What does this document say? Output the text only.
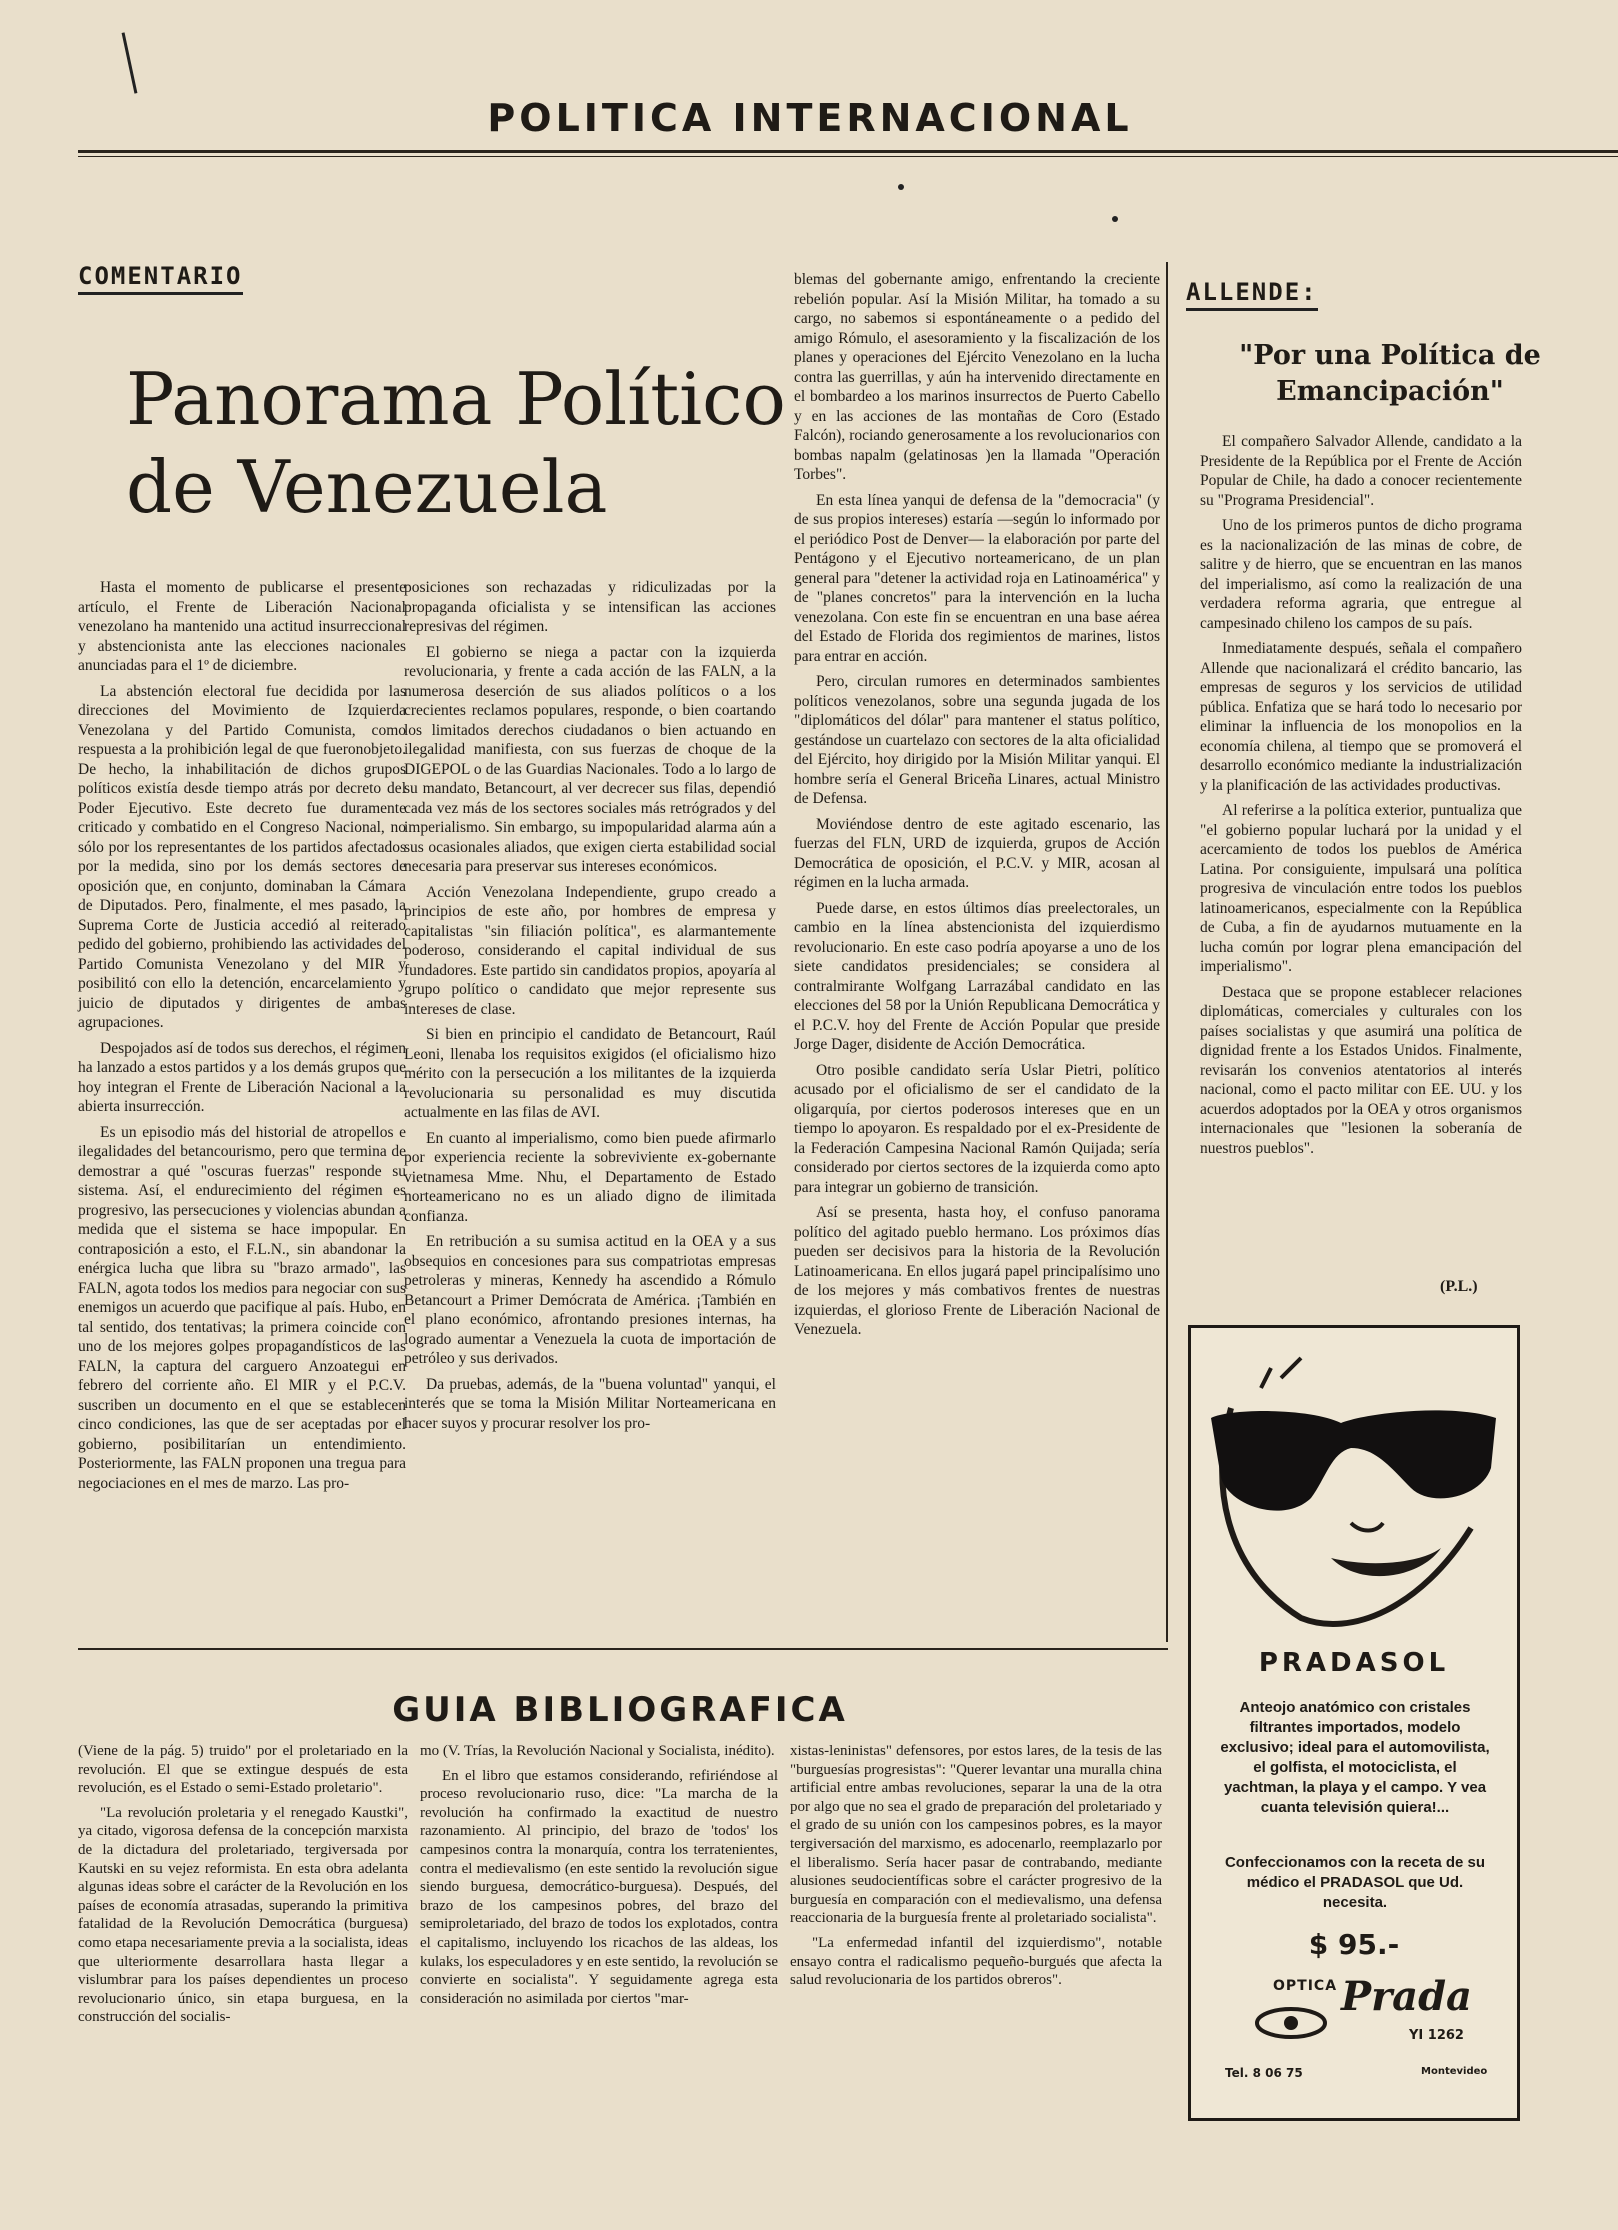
POLITICA INTERNACIONAL
COMENTARIO
Panorama Político
de Venezuela

Hasta el momento de publicarse el presente artículo, el Frente de Liberación Nacional venezolano ha mantenido una actitud insurreccional y abstencionista ante las elecciones nacionales anunciadas para el 1º de diciembre.

La abstención electoral fue decidida por las direcciones del Movimiento de Izquierda Venezolana y del Partido Comunista, como respuesta a la prohibición legal de que fueronobjeto. De hecho, la inhabilitación de dichos grupos políticos existía desde tiempo atrás por decreto del Poder Ejecutivo. Este decreto fue duramente criticado y combatido en el Congreso Nacional, no sólo por los representantes de los partidos afectados por la medida, sino por los demás sectores de oposición que, en conjunto, dominaban la Cámara de Diputados. Pero, finalmente, el mes pasado, la Suprema Corte de Justicia accedió al reiterado pedido del gobierno, prohibiendo las actividades del Partido Comunista Venezolano y del MIR y posibilitó con ello la detención, encarcelamiento y juicio de diputados y dirigentes de ambas agrupaciones.

Despojados así de todos sus derechos, el régimen ha lanzado a estos partidos y a los demás grupos que hoy integran el Frente de Liberación Nacional a la abierta insurrección.

Es un episodio más del historial de atropellos e ilegalidades del betancourismo, pero que termina de demostrar a qué "oscuras fuerzas" responde su sistema. Así, el endurecimiento del régimen es progresivo, las persecuciones y violencias abundan a medida que el sistema se hace impopular. En contraposición a esto, el F.L.N., sin abandonar la enérgica lucha que libra su "brazo armado", las FALN, agota todos los medios para negociar con sus enemigos un acuerdo que pacifique al país. Hubo, en tal sentido, dos tentativas; la primera coincide con uno de los mejores golpes propagandísticos de las FALN, la captura del carguero Anzoategui en febrero del corriente año. El MIR y el P.C.V. suscriben un documento en el que se establecen cinco condiciones, las que de ser aceptadas por el gobierno, posibilitarían un entendimiento. Posteriormente, las FALN proponen una tregua para negociaciones en el mes de marzo. Las pro-

posiciones son rechazadas y ridiculizadas por la propaganda oficialista y se intensifican las acciones represivas del régimen.

El gobierno se niega a pactar con la izquierda revolucionaria, y frente a cada acción de las FALN, a la numerosa deserción de sus aliados políticos o a los crecientes reclamos populares, responde, o bien coartando los limitados derechos ciudadanos o bien actuando en ilegalidad manifiesta, con sus fuerzas de choque de la DIGEPOL o de las Guardias Nacionales. Todo a lo largo de su mandato, Betancourt, al ver decrecer sus filas, dependió cada vez más de los sectores sociales más retrógrados y del imperialismo. Sin embargo, su impopularidad alarma aún a sus ocasionales aliados, que exigen cierta estabilidad social necesaria para preservar sus intereses económicos.

Acción Venezolana Independiente, grupo creado a principios de este año, por hombres de empresa y capitalistas "sin filiación política", es alarmantemente poderoso, considerando el capital individual de sus fundadores. Este partido sin candidatos propios, apoyaría al grupo político o candidato que mejor represente sus intereses de clase.

Si bien en principio el candidato de Betancourt, Raúl Leoni, llenaba los requisitos exigidos (el oficialismo hizo mérito con la persecución a los militantes de la izquierda revolucionaria su personalidad es muy discutida actualmente en las filas de AVI.

En cuanto al imperialismo, como bien puede afirmarlo por experiencia reciente la sobreviviente ex-gobernante vietnamesa Mme. Nhu, el Departamento de Estado norteamericano no es un aliado digno de ilimitada confianza.

En retribución a su sumisa actitud en la OEA y a sus obsequios en concesiones para sus compatriotas empresas petroleras y mineras, Kennedy ha ascendido a Rómulo Betancourt a Primer Demócrata de América. ¡También en el plano económico, afrontando presiones internas, ha logrado aumentar a Venezuela la cuota de importación de petróleo y sus derivados.

Da pruebas, además, de la "buena voluntad" yanqui, el interés que se toma la Misión Militar Norteamericana en hacer suyos y procurar resolver los pro-

blemas del gobernante amigo, enfrentando la creciente rebelión popular. Así la Misión Militar, ha tomado a su cargo, no sabemos si espontáneamente o a pedido del amigo Rómulo, el asesoramiento y la fiscalización de los planes y operaciones del Ejército Venezolano en la lucha contra las guerrillas, y aún ha intervenido directamente en el bombardeo a los marinos insurrectos de Puerto Cabello y en las acciones de las montañas de Coro (Estado Falcón), rociando generosamente a los revolucionarios con bombas napalm (gelatinosas )en la llamada "Operación Torbes".

En esta línea yanqui de defensa de la "democracia" (y de sus propios intereses) estaría —según lo informado por el periódico Post de Denver— la elaboración por parte del Pentágono y el Ejecutivo norteamericano, de un plan general para "detener la actividad roja en Latinoamérica" y de "planes concretos" para la intervención en la lucha venezolana. Con este fin se encuentran en una base aérea del Estado de Florida dos regimientos de marines, listos para entrar en acción.

Pero, circulan rumores en determinados sambientes políticos venezolanos, sobre una segunda jugada de los "diplomáticos del dólar" para mantener el status político, gestándose un cuartelazo con sectores de la alta oficialidad del Ejército, hoy dirigido por la Misión Militar yanqui. El hombre sería el General Briceña Linares, actual Ministro de Defensa.

Moviéndose dentro de este agitado escenario, las fuerzas del FLN, URD de izquierda, grupos de Acción Democrática de oposición, el P.C.V. y MIR, acosan al régimen en la lucha armada.

Puede darse, en estos últimos días preelectorales, un cambio en la línea abstencionista del izquierdismo revolucionario. En este caso podría apoyarse a uno de los siete candidatos presidenciales; se considera al contralmirante Wolfgang Larrazábal candidato en las elecciones del 58 por la Unión Republicana Democrática y el P.C.V. hoy del Frente de Acción Popular que preside Jorge Dager, disidente de Acción Democrática.

Otro posible candidato sería Uslar Pietri, político acusado por el oficialismo de ser el candidato de la oligarquía, por ciertos poderosos intereses que en un tiempo lo apoyaron. Es respaldado por el ex-Presidente de la Federación Campesina Nacional Ramón Quijada; sería considerado por ciertos sectores de la izquierda como apto para integrar un gobierno de transición.

Así se presenta, hasta hoy, el confuso panorama político del agitado pueblo hermano. Los próximos días pueden ser decisivos para la historia de la Revolución Latinoamericana. En ellos jugará papel principalísimo uno de los mejores y más combativos frentes de nuestras izquierdas, el glorioso Frente de Liberación Nacional de Venezuela.

ALLENDE:
"Por una Política de Emancipación"

El compañero Salvador Allende, candidato a la Presidente de la República por el Frente de Acción Popular de Chile, ha dado a conocer recientemente su "Programa Presidencial".

Uno de los primeros puntos de dicho programa es la nacionalización de las minas de cobre, de salitre y de hierro, que se encuentran en las manos del imperialismo, así como la realización de una verdadera reforma agraria, que entregue al campesinado chileno los campos de su país.

Inmediatamente después, señala el compañero Allende que nacionalizará el crédito bancario, las empresas de seguros y los servicios de utilidad pública. Enfatiza que se hará todo lo necesario por eliminar la influencia de los monopolios en la economía chilena, al tiempo que se promoverá el desarrollo económico mediante la industrialización y la planificación de las actividades productivas.

Al referirse a la política exterior, puntualiza que "el gobierno popular luchará por la unidad y el acercamiento de todos los pueblos de América Latina. Por consiguiente, impulsará una política progresiva de vinculación entre todos los pueblos latinoamericanos, especialmente con la República de Cuba, a fin de ayudarnos mutuamente en la lucha común por lograr plena emancipación del imperialismo".

Destaca que se propone establecer relaciones diplomáticas, comerciales y culturales con los países socialistas y que asumirá una política de dignidad frente a los Estados Unidos. Finalmente, revisarán los convenios atentatorios al interés nacional, como el pacto militar con EE. UU. y los acuerdos adoptados por la OEA y otros organismos internacionales que "lesionen la soberanía de nuestros pueblos".

(P.L.)
PRADASOL
Anteojo anatómico con cristales filtrantes importados, modelo exclusivo; ideal para el automovilista, el golfista, el motociclista, el yachtman, la playa y el campo. Y vea cuanta televisión quiera!...
Confeccionamos con la receta de su médico el PRADASOL que Ud. necesita.
$ 95.-
OPTICA Prada
YI 1262
Tel. 8 06 75	Montevideo
GUIA BIBLIOGRAFICA

(Viene de la pág. 5) truido" por el proletariado en la revolución. El que se extingue después de esta revolución, es el Estado o semi-Estado proletario".

"La revolución proletaria y el renegado Kaustki", ya citado, vigorosa defensa de la concepción marxista de la dictadura del proletariado, tergiversada por Kautski en su vejez reformista. En esta obra adelanta algunas ideas sobre el carácter de la Revolución en los países de economía atrasadas, superando la primitiva fatalidad de la Revolución Democrática (burguesa) como etapa necesariamente previa a la socialista, ideas que ulteriormente desarrollara hasta llegar a vislumbrar para los países dependientes un proceso revolucionario único, sin etapa burguesa, en la construcción del socialis-

mo (V. Trías, la Revolución Nacional y Socialista, inédito).

En el libro que estamos considerando, refiriéndose al proceso revolucionario ruso, dice: "La marcha de la revolución ha confirmado la exactitud de nuestro razonamiento. Al principio, del brazo de 'todos' los campesinos contra la monarquía, contra los terratenientes, contra el medievalismo (en este sentido la revolución sigue siendo burguesa, democrático-burguesa). Después, del brazo de los campesinos pobres, del brazo del semiproletariado, del brazo de todos los explotados, contra el capitalismo, incluyendo los ricachos de las aldeas, los kulaks, los especuladores y en este sentido, la revolución se convierte en socialista". Y seguidamente agrega esta consideración no asimilada por ciertos "mar-

xistas-leninistas" defensores, por estos lares, de la tesis de las "burguesías progresistas": "Querer levantar una muralla china artificial entre ambas revoluciones, separar la una de la otra por algo que no sea el grado de preparación del proletariado y el grado de su unión con los campesinos pobres, es la mayor tergiversación del marxismo, es adocenarlo, reemplazarlo por el liberalismo. Sería hacer pasar de contrabando, mediante alusiones seudocientíficas sobre el carácter progresivo de la burguesía en comparación con el medievalismo, una defensa reaccionaria de la burguesía frente al proletariado socialista".

"La enfermedad infantil del izquierdismo", notable ensayo contra el radicalismo pequeño-burgués que afecta la salud revolucionaria de los partidos obreros".
